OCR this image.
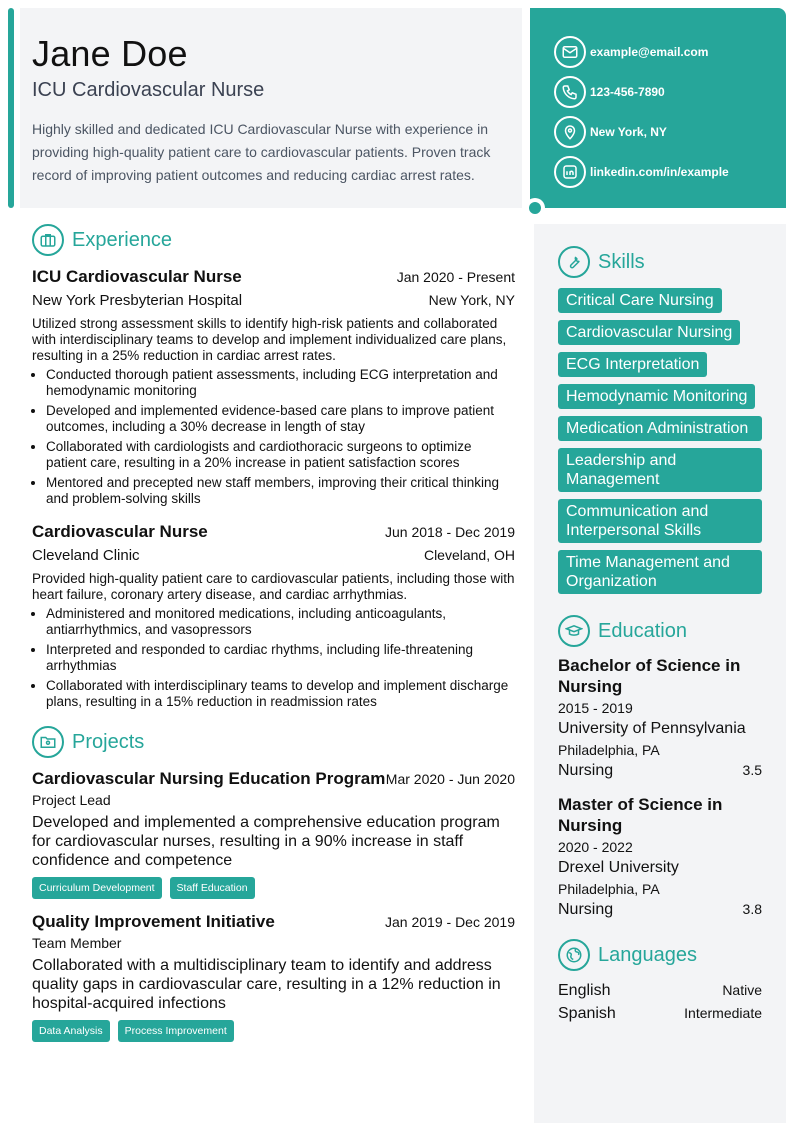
Jane Doe
ICU Cardiovascular Nurse
Highly skilled and dedicated ICU Cardiovascular Nurse with experience in providing high-quality patient care to cardiovascular patients. Proven track record of improving patient outcomes and reducing cardiac arrest rates.
example@email.com
123-456-7890
New York, NY
linkedin.com/in/example
Experience
ICU Cardiovascular Nurse	Jan 2020 - Present
New York Presbyterian Hospital	New York, NY
Utilized strong assessment skills to identify high-risk patients and collaborated with interdisciplinary teams to develop and implement individualized care plans, resulting in a 25% reduction in cardiac arrest rates.
• Conducted thorough patient assessments, including ECG interpretation and hemodynamic monitoring
• Developed and implemented evidence-based care plans to improve patient outcomes, including a 30% decrease in length of stay
• Collaborated with cardiologists and cardiothoracic surgeons to optimize patient care, resulting in a 20% increase in patient satisfaction scores
• Mentored and precepted new staff members, improving their critical thinking and problem-solving skills
Cardiovascular Nurse	Jun 2018 - Dec 2019
Cleveland Clinic	Cleveland, OH
Provided high-quality patient care to cardiovascular patients, including those with heart failure, coronary artery disease, and cardiac arrhythmias.
• Administered and monitored medications, including anticoagulants, antiarrhythmics, and vasopressors
• Interpreted and responded to cardiac rhythms, including life-threatening arrhythmias
• Collaborated with interdisciplinary teams to develop and implement discharge plans, resulting in a 15% reduction in readmission rates
Projects
Cardiovascular Nursing Education Program Mar 2020 - Jun 2020
Project Lead
Developed and implemented a comprehensive education program for cardiovascular nurses, resulting in a 90% increase in staff confidence and competence
Curriculum Development	Staff Education
Quality Improvement Initiative	Jan 2019 - Dec 2019
Team Member
Collaborated with a multidisciplinary team to identify and address quality gaps in cardiovascular care, resulting in a 12% reduction in hospital-acquired infections
Data Analysis	Process Improvement
Skills
Critical Care Nursing
Cardiovascular Nursing
ECG Interpretation
Hemodynamic Monitoring
Medication Administration
Leadership and Management
Communication and Interpersonal Skills
Time Management and Organization
Education
Bachelor of Science in Nursing
2015 - 2019
University of Pennsylvania
Philadelphia, PA
Nursing	3.5
Master of Science in Nursing
2020 - 2022
Drexel University
Philadelphia, PA
Nursing	3.8
Languages
English	Native
Spanish	Intermediate
